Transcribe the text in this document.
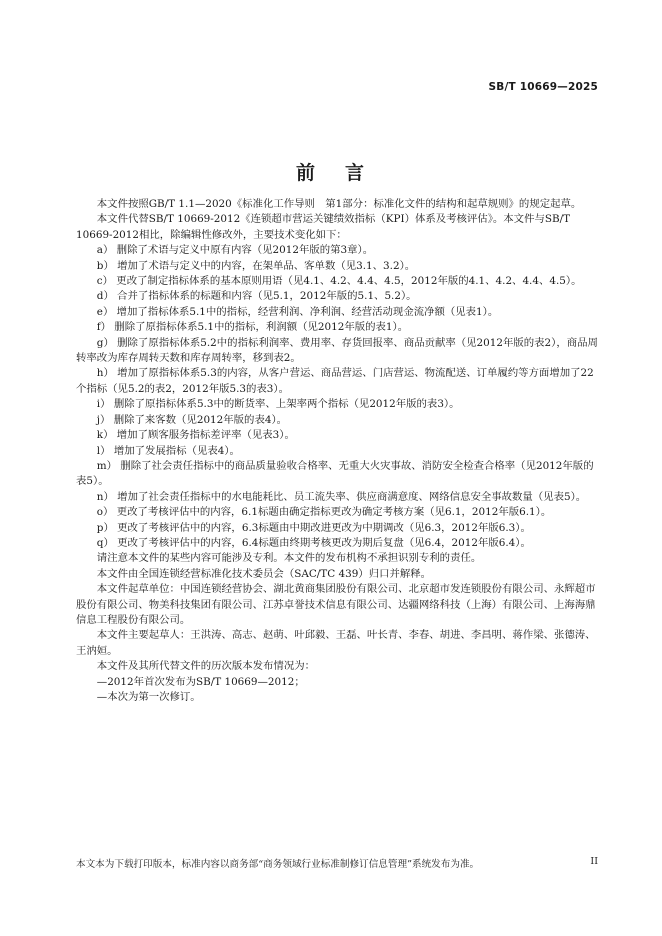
SB/T 10669—2025
前 言

本文件按照GB/T 1.1—2020《标准化工作导则　第1部分：标准化文件的结构和起草规则》的规定起草。

本文件代替SB/T 10669-2012《连锁超市营运关键绩效指标（KPI）体系及考核评估》。本文件与SB/T 10669-2012相比，除编辑性修改外，主要技术变化如下：

a） 删除了术语与定义中原有内容（见2012年版的第3章）。

b） 增加了术语与定义中的内容，在架单品、客单数（见3.1、3.2）。

c） 更改了制定指标体系的基本原则用语（见4.1、4.2、4.4、4.5，2012年版的4.1、4.2、4.4、4.5）。

d） 合并了指标体系的标题和内容（见5.1，2012年版的5.1、5.2）。

e） 增加了指标体系5.1中的指标，经营利润、净利润、经营活动现金流净额（见表1）。

f） 删除了原指标体系5.1中的指标，利润额（见2012年版的表1）。

g） 删除了原指标体系5.2中的指标利润率、费用率、存货回报率、商品贡献率（见2012年版的表2），商品周转率改为库存周转天数和库存周转率，移到表2。

h） 增加了原指标体系5.3的内容，从客户营运、商品营运、门店营运、物流配送、订单履约等方面增加了22个指标（见5.2的表2，2012年版5.3的表3）。

i） 删除了原指标体系5.3中的断货率、上架率两个指标（见2012年版的表3）。

j） 删除了来客数（见2012年版的表4）。

k） 增加了顾客服务指标差评率（见表3）。

l） 增加了发展指标（见表4）。

m） 删除了社会责任指标中的商品质量验收合格率、无重大火灾事故、消防安全检查合格率（见2012年版的表5）。

n） 增加了社会责任指标中的水电能耗比、员工流失率、供应商满意度、网络信息安全事故数量（见表5）。

o） 更改了考核评估中的内容，6.1标题由确定指标更改为确定考核方案（见6.1，2012年版6.1）。

p） 更改了考核评估中的内容，6.3标题由中期改进更改为中期调改（见6.3，2012年版6.3）。

q） 更改了考核评估中的内容，6.4标题由终期考核更改为期后复盘（见6.4，2012年版6.4）。

请注意本文件的某些内容可能涉及专利。本文件的发布机构不承担识别专利的责任。

本文件由全国连锁经营标准化技术委员会（SAC/TC 439）归口并解释。

本文件起草单位：中国连锁经营协会、湖北黄商集团股份有限公司、北京超市发连锁股份有限公司、永辉超市股份有限公司、物美科技集团有限公司、江苏卓誉技术信息有限公司、达疆网络科技（上海）有限公司、上海海鼎信息工程股份有限公司。

本文件主要起草人：王洪涛、高志、赵萌、叶邱毅、王磊、叶长青、李春、胡进、李昌明、蒋作梁、张德涛、王汭姮。

本文件及其所代替文件的历次版本发布情况为：

—2012年首次发布为SB/T 10669—2012；

—本次为第一次修订。

本文本为下载打印版本，标准内容以商务部“商务领域行业标准制修订信息管理”系统发布为准。	II
